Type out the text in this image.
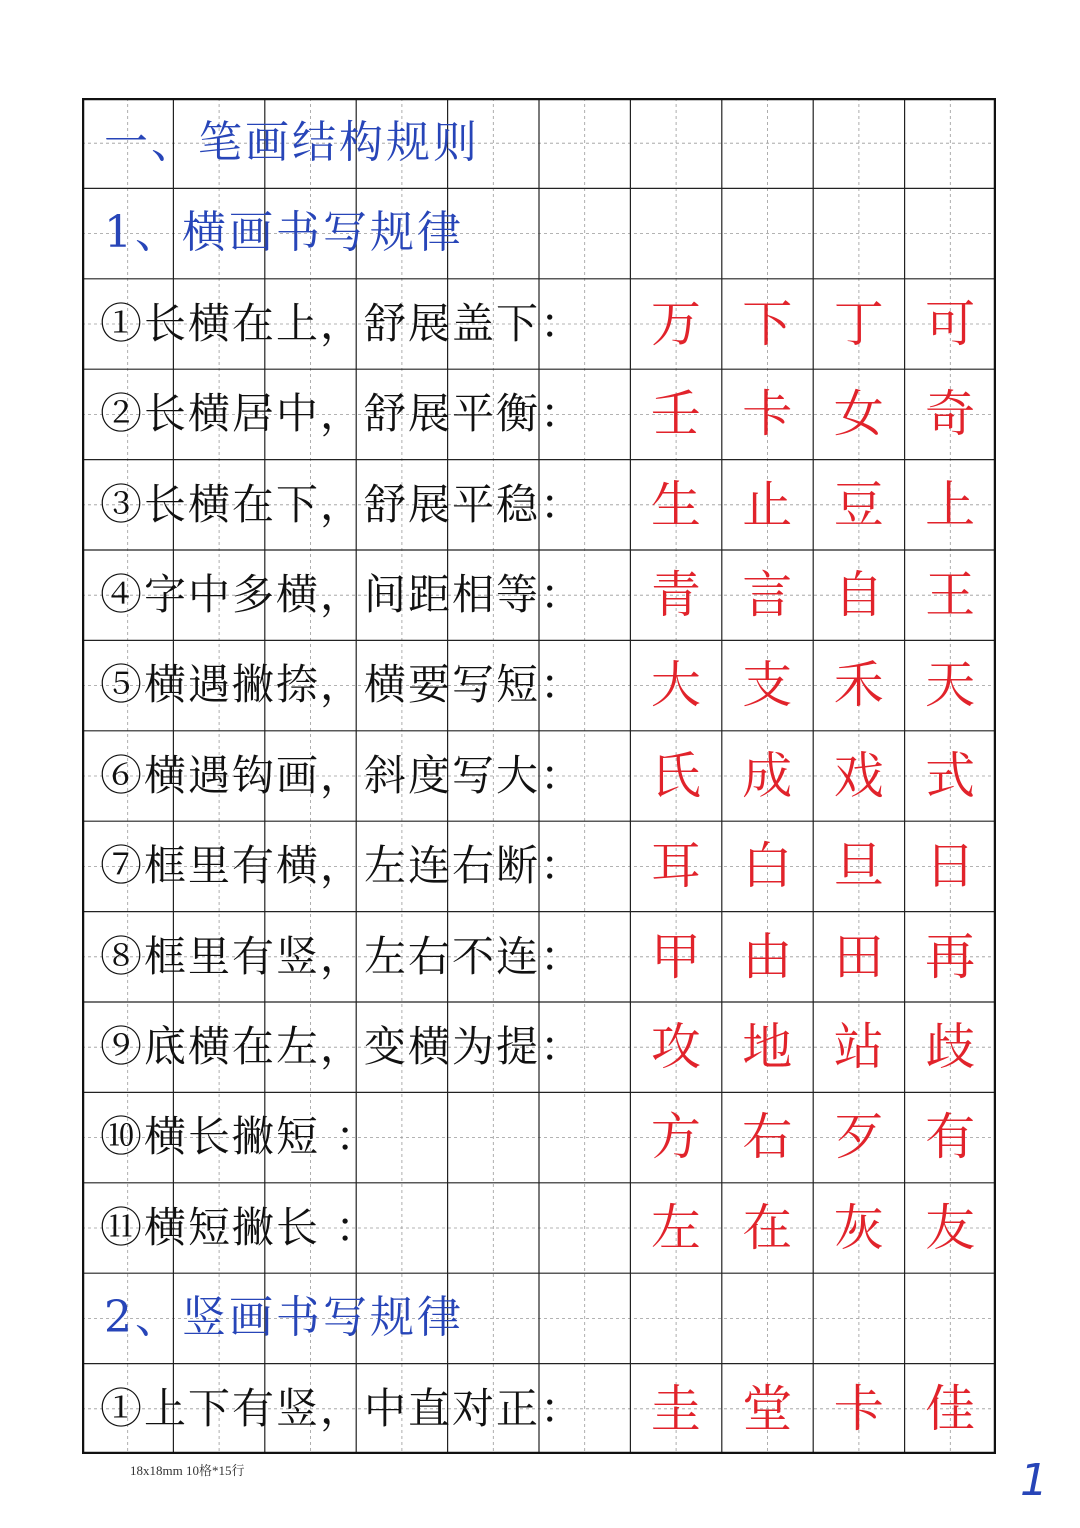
一、笔画结构规则
1、横画书写规律
①长横在上，舒展盖下：	万 下 丁 可
②长横居中，舒展平衡：	壬 卡 女 奇
③长横在下，舒展平稳：	生 止 豆 上
④字中多横，间距相等：	青 言 自 王
⑤横遇撇捺，横要写短：	大 支 禾 天
⑥横遇钩画，斜度写大：	氏 成 戏 式
⑦框里有横，左连右断：	耳 白 旦 日
⑧框里有竖，左右不连：	甲 由 田 再
⑨底横在左，变横为提：	攻 地 站 歧
⑩横长撇短 ：	方 右 歹 有
⑪横短撇长 ：	左 在 灰 友
2、竖画书写规律
①上下有竖，中直对正：	圭 堂 卡 佳
18x18mm 10格*15行	1
